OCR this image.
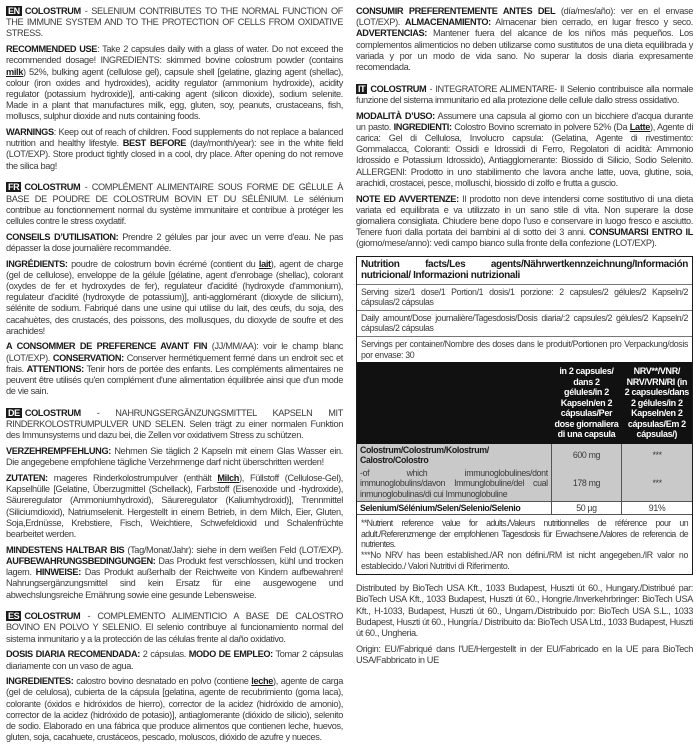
EN COLOSTRUM - SELENIUM CONTRIBUTES TO THE NORMAL FUNCTION OF THE IMMUNE SYSTEM AND TO THE PROTECTION OF CELLS FROM OXIDATIVE STRESS.

RECOMMENDED USE: Take 2 capsules daily with a glass of water. Do not exceed the recommended dosage! INGREDIENTS: skimmed bovine colostrum powder (contains milk) 52%, bulking agent (cellulose gel), capsule shell [gelatine, glazing agent (shellac), colour (iron oxides and hydroxides), acidity regulator (ammonium hydroxide), acidity regulator (potassium hydroxide)], anti-caking agent (silicon dioxide), sodium selenite. Made in a plant that manufactures milk, egg, gluten, soy, peanuts, crustaceans, fish, molluscs, sulphur dioxide and nuts containing foods.

WARNINGS: Keep out of reach of children. Food supplements do not replace a balanced nutrition and healthy lifestyle. BEST BEFORE (day/month/year): see in the white field (LOT/EXP). Store product tightly closed in a cool, dry place. After opening do not remove the silica bag!

FR COLOSTRUM - COMPLÉMENT ALIMENTAIRE SOUS FORME DE GÉLULE À BASE DE POUDRE DE COLOSTRUM BOVIN ET DU SÉLÉNIUM. Le sélénium contribue au fonctionnement normal du système immunitaire et contribue à protéger les cellules contre le stress oxydatif.

CONSEILS D’UTILISATION: Prendre 2 gélules par jour avec un verre d'eau. Ne pas dépasser la dose journalière recommandée.

INGRÉDIENTS: poudre de colostrum bovin écrémé (contient du lait), agent de charge (gel de cellulose), enveloppe de la gélule [gélatine, agent d'enrobage (shellac), colorant (oxydes de fer et hydroxydes de fer), regulateur d'acidité (hydroxyde d'ammonium), regulateur d'acidité (hydroxyde de potassium)], anti-agglomérant (dioxyde de silicium), sélénite de sodium. Fabriqué dans une usine qui utilise du lait, des œufs, du soja, des cacahuètes, des crustacés, des poissons, des mollusques, du dioxyde de soufre et des arachides!

A CONSOMMER DE PREFERENCE AVANT FIN (JJ/MM/AA): voir le champ blanc (LOT/EXP). CONSERVATION: Conserver hermétiquement fermé dans un endroit sec et frais. ATTENTIONS: Tenir hors de portée des enfants. Les compléments alimentaires ne peuvent être utilisés qu'en complément d'une alimentation équilibrée ainsi que d'un mode de vie sain.

DE COLOSTRUM - NAHRUNGSERGÄNZUNGSMITTEL KAPSELN MIT RINDERKOLOSTRUMPULVER UND SELEN. Selen trägt zu einer normalen Funktion des Immunsystems und dazu bei, die Zellen vor oxidativem Stress zu schützen.

VERZEHREMPFEHLUNG: Nehmen Sie täglich 2 Kapseln mit einem Glas Wasser ein. Die angegebene empfohlene tägliche Verzehrmenge darf nicht überschritten werden!

ZUTATEN: mageres Rinderkolostrumpulver (enthält Milch), Füllstoff (Cellulose-Gel), Kapselhülle [Gelatine, Überzugmittel (Schellack), Farbstoff (Eisenoxide und -hydroxide), Säureregulator (Ammoniumhydroxid), Säureregulator (Kaliumhydroxid)], Trennmittel (Siliciumdioxid), Natriumselenit. Hergestellt in einem Betrieb, in dem Milch, Eier, Gluten, Soja,Erdnüsse, Krebstiere, Fisch, Weichtiere, Schwefeldioxid und Schalenfrüchte bearbeitet werden.

MINDESTENS HALTBAR BIS (Tag/Monat/Jahr): siehe in dem weißen Feld (LOT/EXP). AUFBEWAHRUNGSBEDINGUNGEN: Das Produkt fest verschlossen, kühl und trocken lagern. HINWEISE: Das Produkt außerhalb der Reichweite von Kindern aufbewahren! Nahrungsergänzungsmittel sind kein Ersatz für eine ausgewogene und abwechslungsreiche Ernährung sowie eine gesunde Lebensweise.

ES COLOSTRUM - COMPLEMENTO ALIMENTICIO A BASE DE CALOSTRO BOVINO EN POLVO Y SELENIO. El selenio contribuye al funcionamiento normal del sistema inmunitario y a la protección de las células frente al daño oxidativo.

DOSIS DIARIA RECOMENDADA: 2 cápsulas. MODO DE EMPLEO: Tomar 2 cápsulas diariamente con un vaso de agua.

INGREDIENTES: calostro bovino desnatado en polvo (contiene leche), agente de carga (gel de celulosa), cubierta de la cápsula [gelatina, agente de recubrimiento (goma laca), colorante (óxidos e hidróxidos de hierro), corrector de la acidez (hidróxido de amonio), corrector de la acidez (hidróxido de potasio)], antiaglomerante (dióxido de silicio), selenito de sodio. Elaborado en una fábrica que produce alimentos que contienen leche, huevos, gluten, soja, cacahuete, crustáceos, pescado, moluscos, dióxido de azufre y nueces.

CONSUMIR PREFERENTEMENTE ANTES DEL (día/mes/año): ver en el envase (LOT/EXP). ALMACENAMIENTO: Almacenar bien cerrado, en lugar fresco y seco. ADVERTENCIAS: Mantener fuera del alcance de los niños más pequeños. Los complementos alimenticios no deben utilizarse como sustitutos de una dieta equilibrada y variada y por un modo de vida sano. No superar la dosis diaria expresamente recomendada.

IT COLOSTRUM - INTEGRATORE ALIMENTARE- Il Selenio contribuisce alla normale funzione del sistema immunitario ed alla protezione delle cellule dallo stress ossidativo.

MODALITÀ D’USO: Assumere una capsula al giorno con un bicchiere d'acqua durante un pasto. INGREDIENTI: Colostro Bovino scremato in polvere 52% (Da Latte), Agente di carica: Gel di Cellulosa, Involucro capsula: (Gelatina, Agente di rivestimento: Gommalacca, Coloranti: Ossidi e Idrossidi di Ferro, Regolatori di acidità: Ammonio Idrossido e Potassium Idrossido), Antiagglomerante: Biossido di Silicio, Sodio Selenito. ALLERGENI: Prodotto in uno stabilimento che lavora anche latte, uova, glutine, soia, arachidi, crostacei, pesce, molluschi, biossido di zolfo e frutta a guscio.

NOTE ED AVVERTENZE: Il prodotto non deve intendersi come sostitutivo di una dieta variata ed equilibrata e va utilizzato in un sano stile di vita. Non superare la dose giornaliera consigliata. Chiudere bene dopo l’uso e conservare in luogo fresco e asciutto. Tenere fuori dalla portata dei bambini al di sotto dei 3 anni. CONSUMARSI ENTRO IL (giorno/mese/anno): vedi campo bianco sulla fronte della confezione (LOT/EXP).

Nutrition facts/Les agents/Nährwertkennzeichnung/Información nutricional/ Informazioni nutrizionali
Serving size/1 dose/1 Portion/1 dosis/1 porzione: 2 capsules/2 gélules/2 Kapseln/2 cápsulas/2 cápsulas
Daily amount/Dose journalière/Tagesdosis/Dosis diaria/:2 capsules/2 gélules/2 Kapseln/2 cápsulas/2 cápsulas
Servings per container/Nombre des doses dans le produit/Portionen pro Verpackung/dosis por envase: 30
	in 2 capsules/ dans 2 gélules/in 2 Kapseln/en 2 cápsulas/Per dose giornaliera di una capsula	NRV**/VNR/ NRV/VRN/RI (in 2 capsules/dans 2 gélules/in 2 Kapseln/en 2 cápsulas/Em 2 cápsulas/)
Colostrum/Colostrum/Kolostrum/ Calostro/Colostro	600 mg	***
-of which immunoglobulines/dont immunoglobulins/davon Immunglobuline/del cual inmunoglobulinas/di cui Immunoglobuline	178 mg	***
Selenium/Sélénium/Selen/Selenio/Selenio	50 µg	91%
**Nutrient reference value for adults./Valeurs nutritionnelles de référence pour un adult./Referenzmenge der empfohlenen Tagesdosis für Erwachsene./Valores de referencia de nutrientes.
***No NRV has been established./AR non défini./RM ist nicht angegeben./IR valor no establecido./ Valori Nutritivi di Riferimento.

Distributed by BioTech USA Kft., 1033 Budapest, Huszti út 60., Hungary./Distribué par: BioTech USA Kft., 1033 Budapest, Huszti út 60., Hongrie./Inverkehrbringer: BioTech USA Kft., H-1033, Budapest, Huszti út 60., Ungarn./Distribuido por: BioTech USA S.L., 1033 Budapest, Huszti út 60., Hungría./ Distribuito da: BioTech USA Ltd., 1033 Budapest, Huszti út 60., Ungheria.

Origin: EU/Fabriqué dans l'UE/Hergestellt in der EU/Fabricado en la UE para BioTech USA/Fabbricato in UE
